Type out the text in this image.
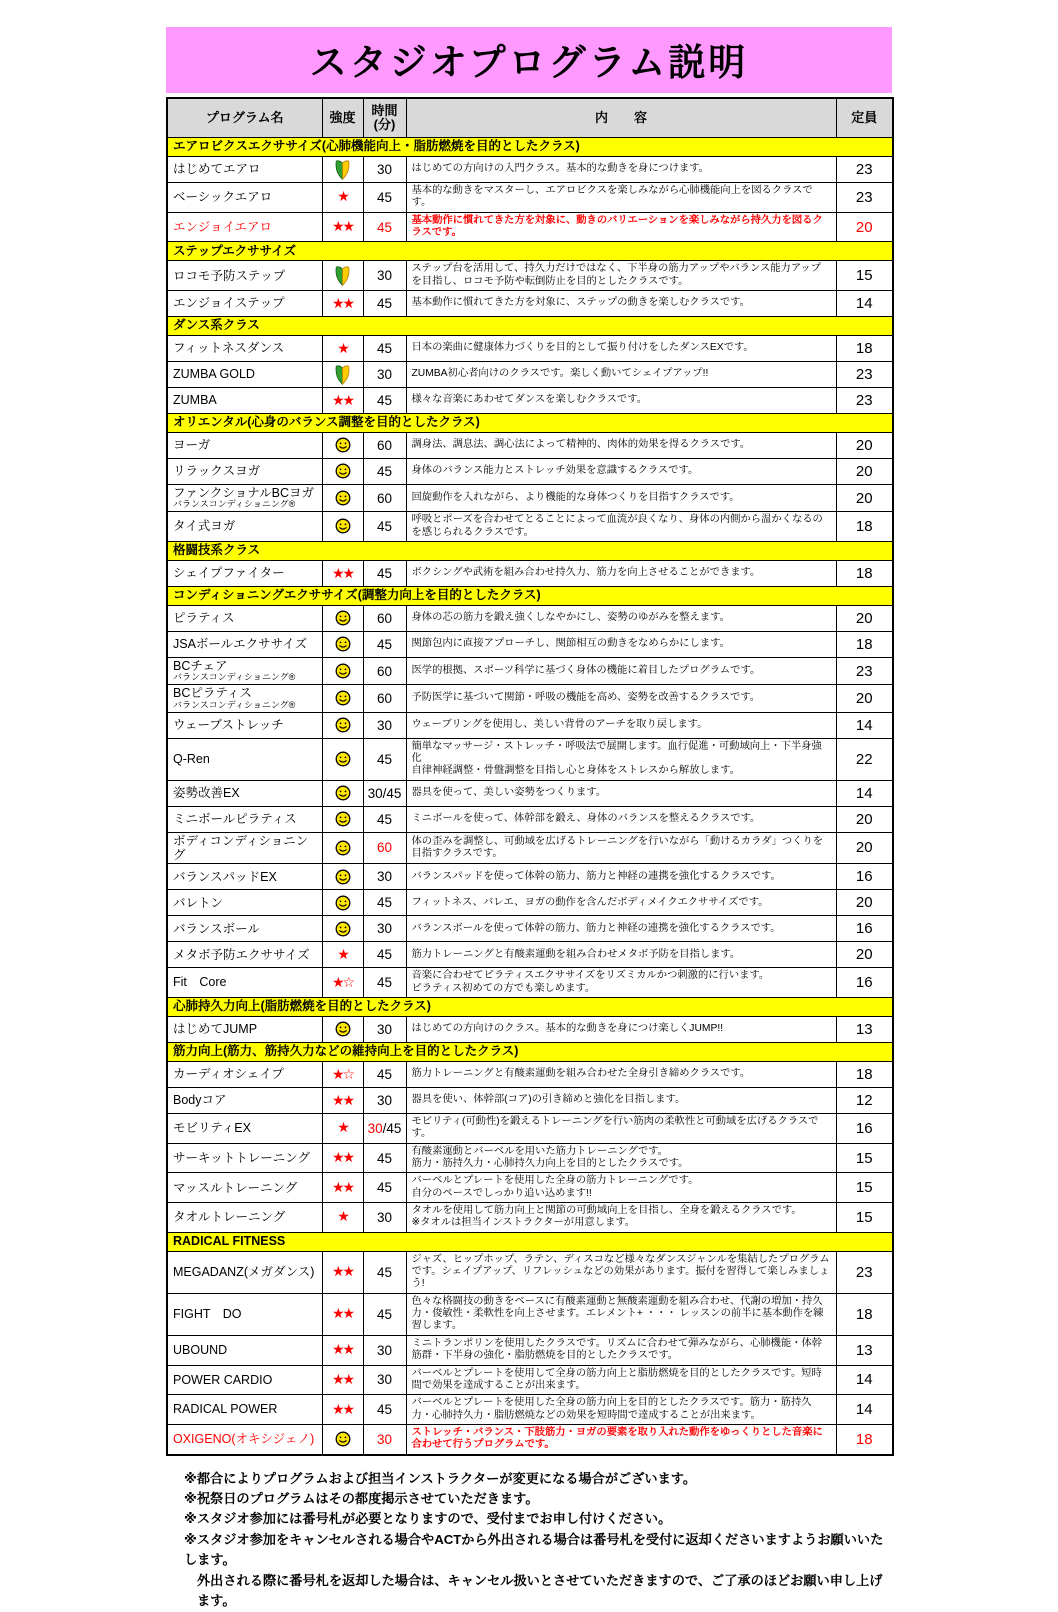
スタジオプログラム説明
プログラム名	強度	時間
(分)	内　　容	定員
エアロビクスエクササイズ(心肺機能向上・脂肪燃焼を目的としたクラス)				
はじめてエアロ		30	はじめての方向けの入門クラス。基本的な動きを身につけます。	23
ベーシックエアロ	★	45	基本的な動きをマスターし、エアロビクスを楽しみながら心肺機能向上を図るクラスです。	23
エンジョイエアロ	★★	45	基本動作に慣れてきた方を対象に、動きのバリエーションを楽しみながら持久力を図るクラスです。	20
ステップエクササイズ				
ロコモ予防ステップ		30	ステップ台を活用して、持久力だけではなく、下半身の筋力アップやバランス能力アップを目指し、ロコモ予防や転倒防止を目的としたクラスです。	15
エンジョイステップ	★★	45	基本動作に慣れてきた方を対象に、ステップの動きを楽しむクラスです。	14
ダンス系クラス				
フィットネスダンス	★	45	日本の楽曲に健康体力づくりを目的として振り付けをしたダンスEXです。	18
ZUMBA GOLD		30	ZUMBA初心者向けのクラスです。楽しく動いてシェイプアップ!!	23
ZUMBA	★★	45	様々な音楽にあわせてダンスを楽しむクラスです。	23
オリエンタル(心身のバランス調整を目的としたクラス)				
ヨーガ		60	調身法、調息法、調心法によって精神的、肉体的効果を得るクラスです。	20
リラックスヨガ		45	身体のバランス能力とストレッチ効果を意識するクラスです。	20
ファンクショナルBCヨガ
バランスコンディショニング®		60	回旋動作を入れながら、より機能的な身体つくりを目指すクラスです。	20
タイ式ヨガ		45	呼吸とポーズを合わせてとることによって血流が良くなり、身体の内側から温かくなるのを感じられるクラスです。	18
格闘技系クラス				
シェイプファイター	★★	45	ボクシングや武術を組み合わせ持久力、筋力を向上させることができます。	18
コンディショニングエクササイズ(調整力向上を目的としたクラス)				
ピラティス		60	身体の芯の筋力を鍛え強くしなやかにし、姿勢のゆがみを整えます。	20
JSAボールエクササイズ		45	関節包内に直接アプローチし、関節相互の動きをなめらかにします。	18
BCチェア
バランスコンディショニング®		60	医学的根拠、スポーツ科学に基づく身体の機能に着目したプログラムです。	23
BCピラティス
バランスコンディショニング®		60	予防医学に基づいて関節・呼吸の機能を高め、姿勢を改善するクラスです。	20
ウェーブストレッチ		30	ウェーブリングを使用し、美しい背骨のアーチを取り戻します。	14
Q-Ren		45	簡単なマッサージ・ストレッチ・呼吸法で展開します。血行促進・可動域向上・下半身強化
自律神経調整・骨盤調整を目指し心と身体をストレスから解放します。	22
姿勢改善EX		30/45	器具を使って、美しい姿勢をつくります。	14
ミニボールピラティス		45	ミニボールを使って、体幹部を鍛え、身体のバランスを整えるクラスです。	20
ボディコンディショニング		60	体の歪みを調整し、可動域を広げるトレーニングを行いながら「動けるカラダ」つくりを目指すクラスです。	20
バランスパッドEX		30	バランスパッドを使って体幹の筋力、筋力と神経の連携を強化するクラスです。	16
バレトン		45	フィットネス、バレエ、ヨガの動作を含んだボディメイクエクササイズです。	20
バランスボール		30	バランスボールを使って体幹の筋力、筋力と神経の連携を強化するクラスです。	16
メタボ予防エクササイズ	★	45	筋力トレーニングと有酸素運動を組み合わせメタボ予防を目指します。	20
Fit　Core	★☆	45	音楽に合わせてピラティスエクササイズをリズミカルかつ刺激的に行います。
ピラティス初めての方でも楽しめます。	16
心肺持久力向上(脂肪燃焼を目的としたクラス)				
はじめてJUMP		30	はじめての方向けのクラス。基本的な動きを身につけ楽しくJUMP!!	13
筋力向上(筋力、筋持久力などの維持向上を目的としたクラス)				
カーディオシェイプ	★☆	45	筋力トレーニングと有酸素運動を組み合わせた全身引き締めクラスです。	18
Bodyコア	★★	30	器具を使い、体幹部(コア)の引き締めと強化を目指します。	12
モビリティEX	★	30/45	モビリティ(可動性)を鍛えるトレーニングを行い筋肉の柔軟性と可動域を広げるクラスです。	16
サーキットトレーニング	★★	45	有酸素運動とバーベルを用いた筋力トレーニングです。
筋力・筋持久力・心肺持久力向上を目的としたクラスです。	15
マッスルトレーニング	★★	45	バーベルとプレートを使用した全身の筋力トレーニングです。
自分のペースでしっかり追い込めます!!	15
タオルトレーニング	★	30	タオルを使用して筋力向上と関節の可動域向上を目指し、全身を鍛えるクラスです。
※タオルは担当インストラクターが用意します。	15
RADICAL FITNESS				
MEGADANZ(メガダンス)	★★	45	ジャズ、ヒップホップ、ラテン、ディスコなど様々なダンスジャンルを集結したプログラムです。シェイプアップ、リフレッシュなどの効果があります。振付を習得して楽しみましょう!	23
FIGHT　DO	★★	45	色々な格闘技の動きをベースに有酸素運動と無酸素運動を組み合わせ、代謝の増加・持久力・俊敏性・柔軟性を向上させます。エレメント+ ・・・ レッスンの前半に基本動作を練習します。	18
UBOUND	★★	30	ミニトランポリンを使用したクラスです。リズムに合わせて弾みながら、心肺機能・体幹筋群・下半身の強化・脂肪燃焼を目的としたクラスです。	13
POWER CARDIO	★★	30	バーベルとプレートを使用して全身の筋力向上と脂肪燃焼を目的としたクラスです。短時間で効果を達成することが出来ます。	14
RADICAL POWER	★★	45	バーベルとプレートを使用した全身の筋力向上を目的としたクラスです。筋力・筋持久力・心肺持久力・脂肪燃焼などの効果を短時間で達成することが出来ます。	14
OXIGENO(オキシジェノ)		30	ストレッチ・バランス・下肢筋力・ヨガの要素を取り入れた動作をゆっくりとした音楽に合わせて行うプログラムです。	18
※都合によりプログラムおよび担当インストラクターが変更になる場合がございます。
※祝祭日のプログラムはその都度掲示させていただきます。
※スタジオ参加には番号札が必要となりますので、受付までお申し付けください。
※スタジオ参加をキャンセルされる場合やACTから外出される場合は番号札を受付に返却くださいますようお願いいたします。
外出される際に番号札を返却した場合は、キャンセル扱いとさせていただきますので、ご了承のほどお願い申し上げます。
